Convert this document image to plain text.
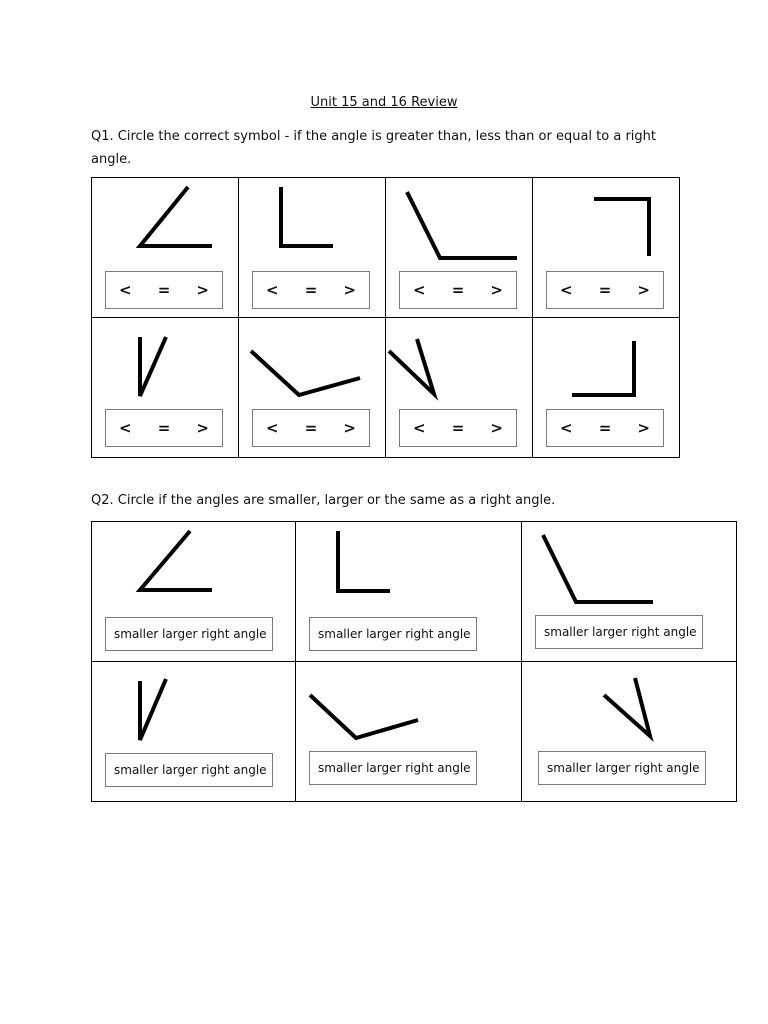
Unit 15 and 16 Review
Q1. Circle the correct symbol - if the angle is greater than, less than or equal to a right angle.
< = >	< = >	< = >	< = >

< = >	< = >	< = >	< = >
Q2. Circle if the angles are smaller, larger or the same as a right angle.
smaller larger right angle	smaller larger right angle	smaller larger right angle

smaller larger right angle	smaller larger right angle	smaller larger right angle
